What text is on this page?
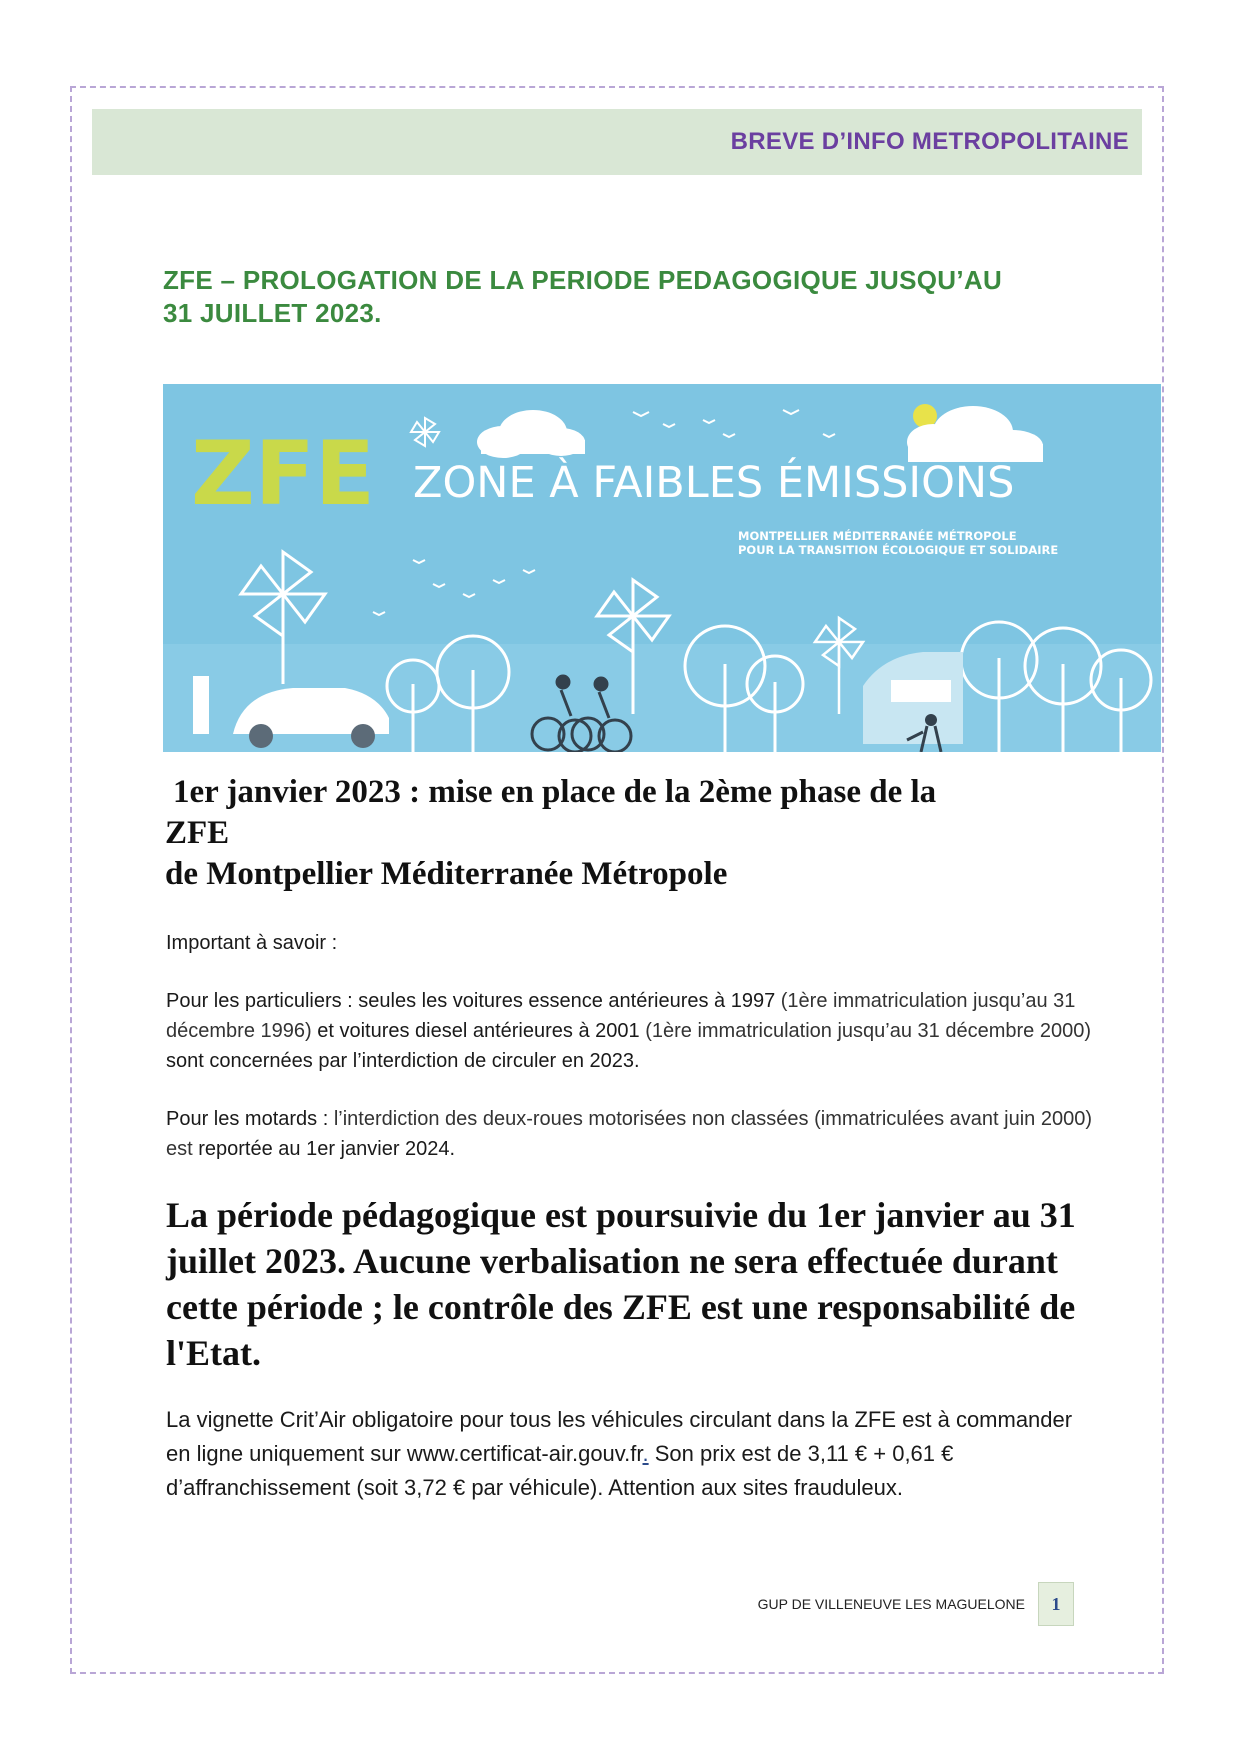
BREVE D’INFO METROPOLITAINE
ZFE – PROLOGATION DE LA PERIODE PEDAGOGIQUE JUSQU’AU
31 JUILLET 2023.
ZFE ZONE À FAIBLES ÉMISSIONS
MONTPELLIER MÉDITERRANÉE MÉTROPOLE
POUR LA TRANSITION ÉCOLOGIQUE ET SOLIDAIRE
1er janvier 2023 : mise en place de la 2ème phase de la
ZFE
de Montpellier Méditerranée Métropole
Important à savoir :
Pour les particuliers : seules les voitures essence antérieures à 1997 (1ère immatriculation jusqu’au 31 décembre 1996) et voitures diesel antérieures à 2001 (1ère immatriculation jusqu’au 31 décembre 2000) sont concernées par l’interdiction de circuler en 2023.
Pour les motards : l’interdiction des deux-roues motorisées non classées (immatriculées avant juin 2000) est reportée au 1er janvier 2024.
La période pédagogique est poursuivie du 1er janvier au 31 juillet 2023. Aucune verbalisation ne sera effectuée durant cette période ; le contrôle des ZFE est une responsabilité de l'Etat.
La vignette Crit’Air obligatoire pour tous les véhicules circulant dans la ZFE est à commander en ligne uniquement sur www.certificat-air.gouv.fr. Son prix est de 3,11 € + 0,61 € d’affranchissement (soit 3,72 € par véhicule). Attention aux sites frauduleux.
GUP DE VILLENEUVE LES MAGUELONE	1
